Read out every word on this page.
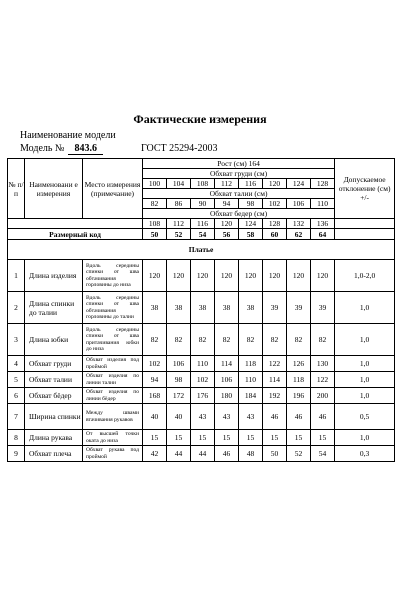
Фактические измерения
Наименование модели
Модель № 843.6	ГОСТ 25294-2003
№ п/п	Наименовани е измерения	Место измерения (примечание)	Рост (см) 164								Допускаемое отклонение (см) +/-
			Обхват груди (см)								
			100	104	108	112	116	120	124	128	
			Обхват талии (см)								
			82	86	90	94	98	102	106	110	
			Обхват бедер (см)								
			108	112	116	120	124	128	132	136	
Размерный код			50	52	54	56	58	60	62	64	
Платье											
1	Длина изделия	Вдоль середины спинки от шва обтачивания горловины до низа	120	120	120	120	120	120	120	120	1,0-2,0
2	Длина спинки до талии	Вдоль середины спинки от шва обтачивания горловины до талии	38	38	38	38	38	39	39	39	1,0
3	Длина юбки	Вдоль середины спинки от шва притачивания юбки до низа	82	82	82	82	82	82	82	82	1,0
4	Обхват груди	Обхват изделия под проймой	102	106	110	114	118	122	126	130	1,0
5	Обхват талии	Обхват изделия по линии талии	94	98	102	106	110	114	118	122	1,0
6	Обхват бёдер	Обхват изделия по линии бёдер	168	172	176	180	184	192	196	200	1,0
7	Ширина спинки	Между швами втачивания рукавов	40	40	43	43	43	46	46	46	0,5
8	Длина рукава	От высшей точки оката до низа	15	15	15	15	15	15	15	15	1,0
9	Обхват плеча	Обхват рукава под проймой	42	44	44	46	48	50	52	54	0,3
